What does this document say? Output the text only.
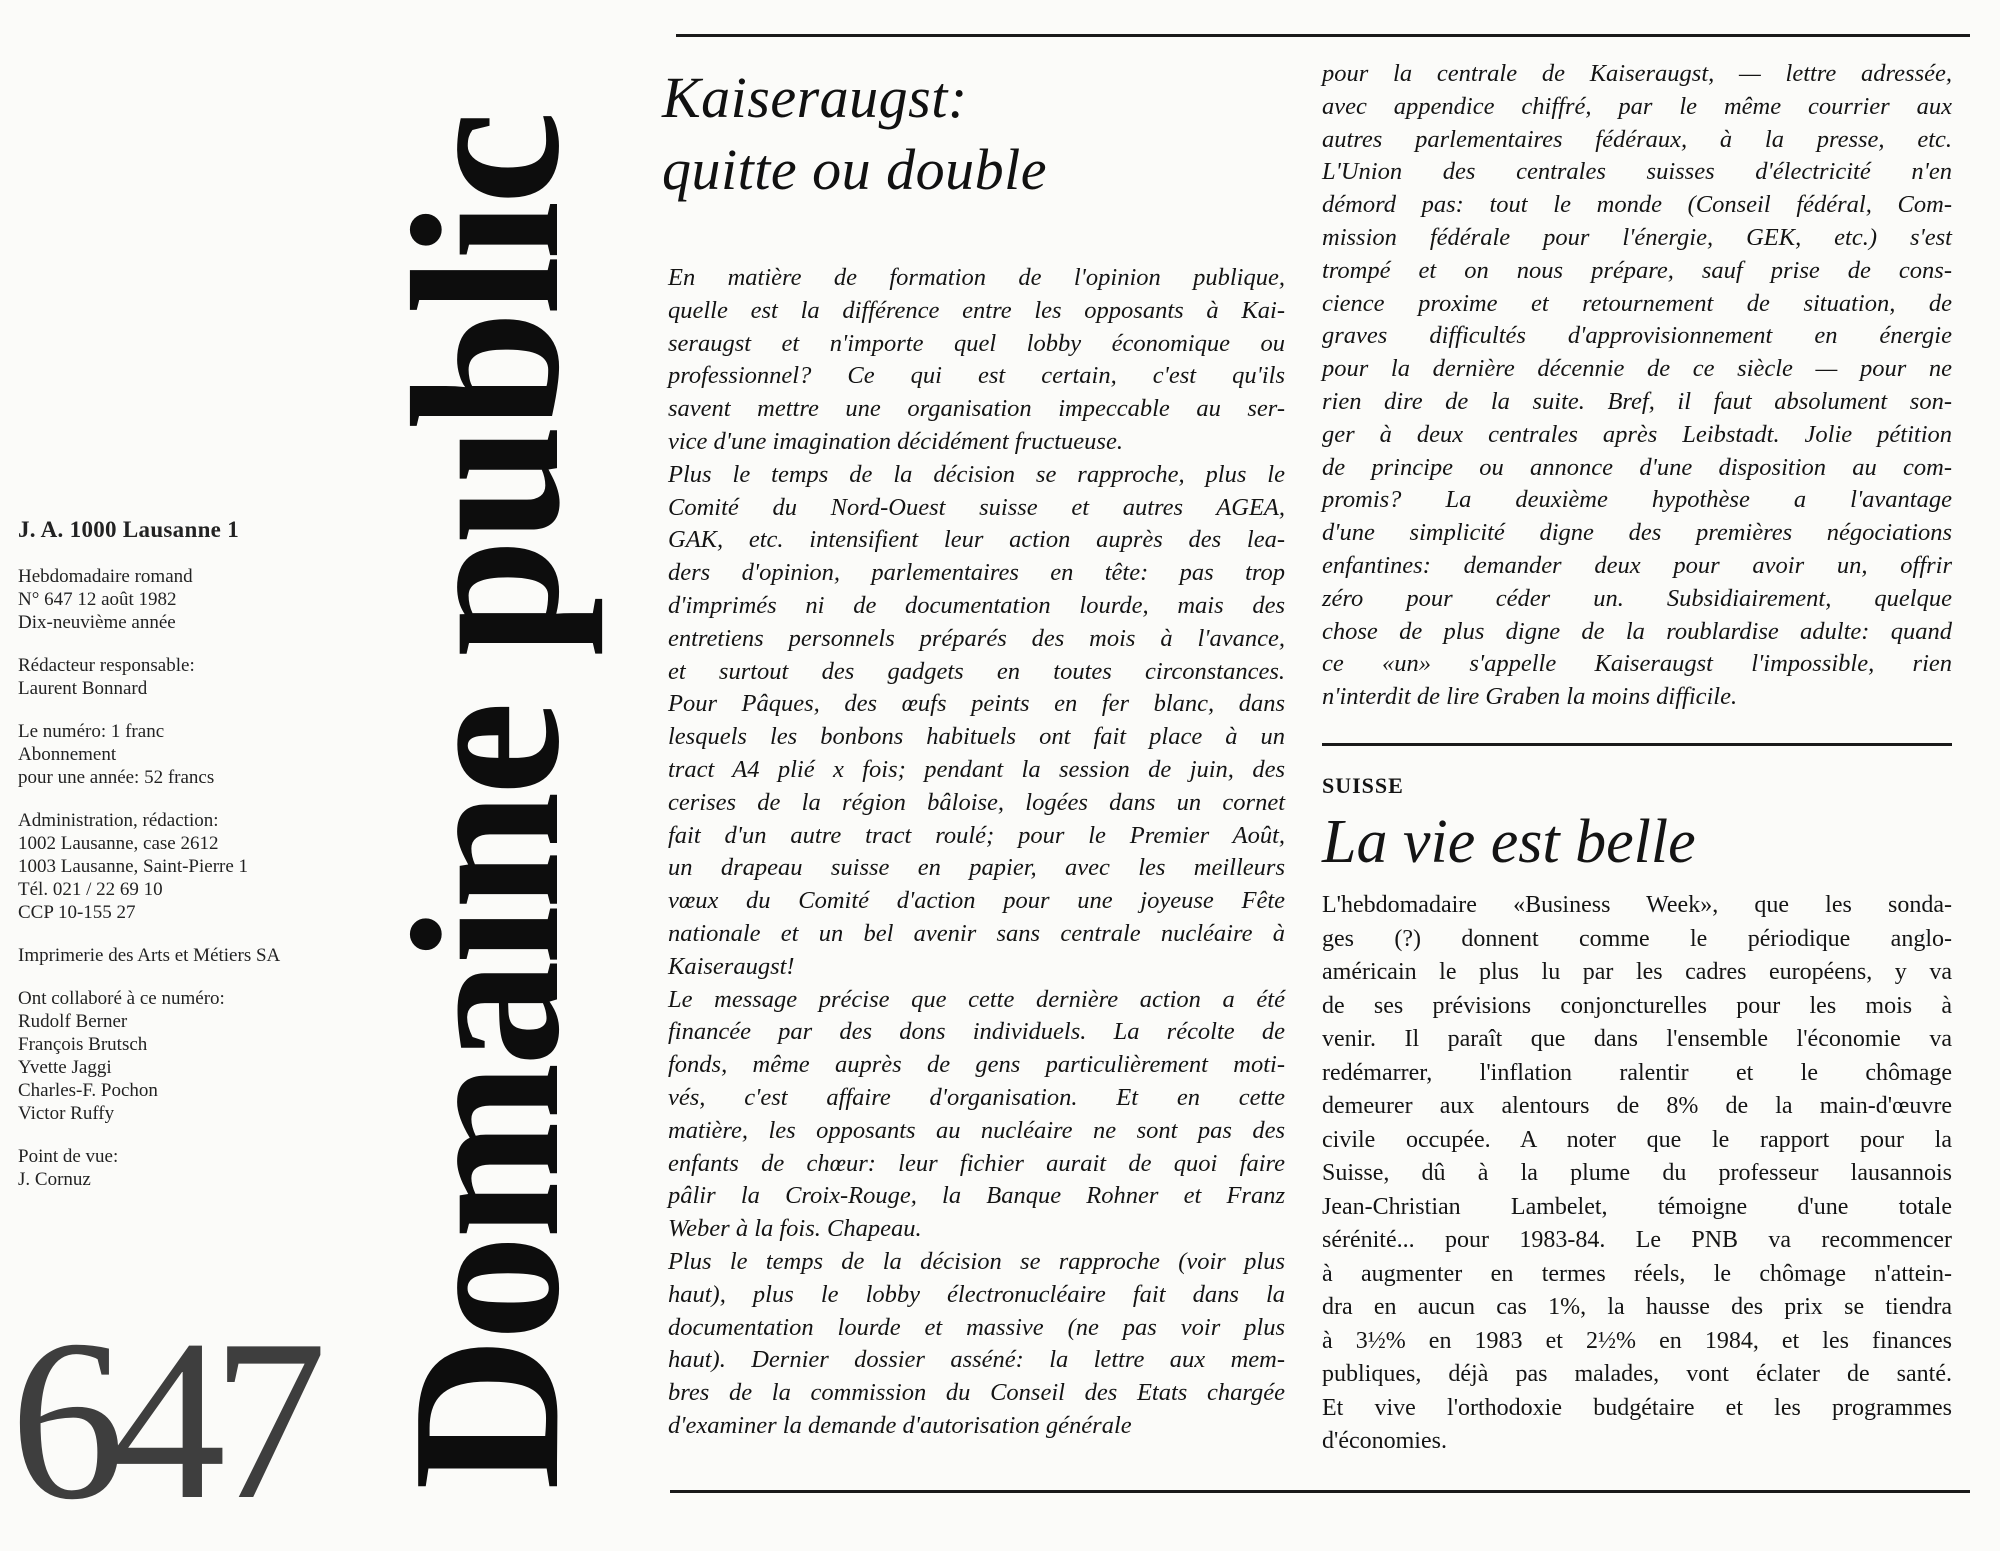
J. A. 1000 Lausanne 1
Hebdomadaire romand
N° 647 12 août 1982
Dix-neuvième année
Rédacteur responsable:
Laurent Bonnard
Le numéro: 1 franc
Abonnement
pour une année: 52 francs
Administration, rédaction:
1002 Lausanne, case 2612
1003 Lausanne, Saint-Pierre 1
Tél. 021 / 22 69 10
CCP 10-155 27
Imprimerie des Arts et Métiers SA
Ont collaboré à ce numéro:
Rudolf Berner
François Brutsch
Yvette Jaggi
Charles-F. Pochon
Victor Ruffy
Point de vue:
J. Cornuz
647 Domaine public
Kaiseraugst:
quitte ou double

En matière de formation de l'opinion publique,
quelle est la différence entre les opposants à Kai-
seraugst et n'importe quel lobby économique ou
professionnel? Ce qui est certain, c'est qu'ils
savent mettre une organisation impeccable au ser-
vice d'une imagination décidément fructueuse.

Plus le temps de la décision se rapproche, plus le
Comité du Nord-Ouest suisse et autres AGEA,
GAK, etc. intensifient leur action auprès des lea-
ders d'opinion, parlementaires en tête: pas trop
d'imprimés ni de documentation lourde, mais des
entretiens personnels préparés des mois à l'avance,
et surtout des gadgets en toutes circonstances.
Pour Pâques, des œufs peints en fer blanc, dans
lesquels les bonbons habituels ont fait place à un
tract A4 plié x fois; pendant la session de juin, des
cerises de la région bâloise, logées dans un cornet
fait d'un autre tract roulé; pour le Premier Août,
un drapeau suisse en papier, avec les meilleurs
vœux du Comité d'action pour une joyeuse Fête
nationale et un bel avenir sans centrale nucléaire à
Kaiseraugst!

Le message précise que cette dernière action a été
financée par des dons individuels. La récolte de
fonds, même auprès de gens particulièrement moti-
vés, c'est affaire d'organisation. Et en cette
matière, les opposants au nucléaire ne sont pas des
enfants de chœur: leur fichier aurait de quoi faire
pâlir la Croix-Rouge, la Banque Rohner et Franz
Weber à la fois. Chapeau.

Plus le temps de la décision se rapproche (voir plus
haut), plus le lobby électronucléaire fait dans la
documentation lourde et massive (ne pas voir plus
haut). Dernier dossier asséné: la lettre aux mem-
bres de la commission du Conseil des Etats chargée
d'examiner la demande d'autorisation générale

pour la centrale de Kaiseraugst, — lettre adressée,
avec appendice chiffré, par le même courrier aux
autres parlementaires fédéraux, à la presse, etc.
L'Union des centrales suisses d'électricité n'en
démord pas: tout le monde (Conseil fédéral, Com-
mission fédérale pour l'énergie, GEK, etc.) s'est
trompé et on nous prépare, sauf prise de cons-
cience proxime et retournement de situation, de
graves difficultés d'approvisionnement en énergie
pour la dernière décennie de ce siècle — pour ne
rien dire de la suite. Bref, il faut absolument son-
ger à deux centrales après Leibstadt. Jolie pétition
de principe ou annonce d'une disposition au com-
promis? La deuxième hypothèse a l'avantage
d'une simplicité digne des premières négociations
enfantines: demander deux pour avoir un, offrir
zéro pour céder un. Subsidiairement, quelque
chose de plus digne de la roublardise adulte: quand
ce «un» s'appelle Kaiseraugst l'impossible, rien
n'interdit de lire Graben la moins difficile.

SUISSE
La vie est belle

L'hebdomadaire «Business Week», que les sonda-
ges (?) donnent comme le périodique anglo-
américain le plus lu par les cadres européens, y va
de ses prévisions conjoncturelles pour les mois à
venir. Il paraît que dans l'ensemble l'économie va
redémarrer, l'inflation ralentir et le chômage
demeurer aux alentours de 8% de la main-d'œuvre
civile occupée. A noter que le rapport pour la
Suisse, dû à la plume du professeur lausannois
Jean-Christian Lambelet, témoigne d'une totale
sérénité... pour 1983-84. Le PNB va recommencer
à augmenter en termes réels, le chômage n'attein-
dra en aucun cas 1%, la hausse des prix se tiendra
à 3½% en 1983 et 2½% en 1984, et les finances
publiques, déjà pas malades, vont éclater de santé.
Et vive l'orthodoxie budgétaire et les programmes
d'économies.
